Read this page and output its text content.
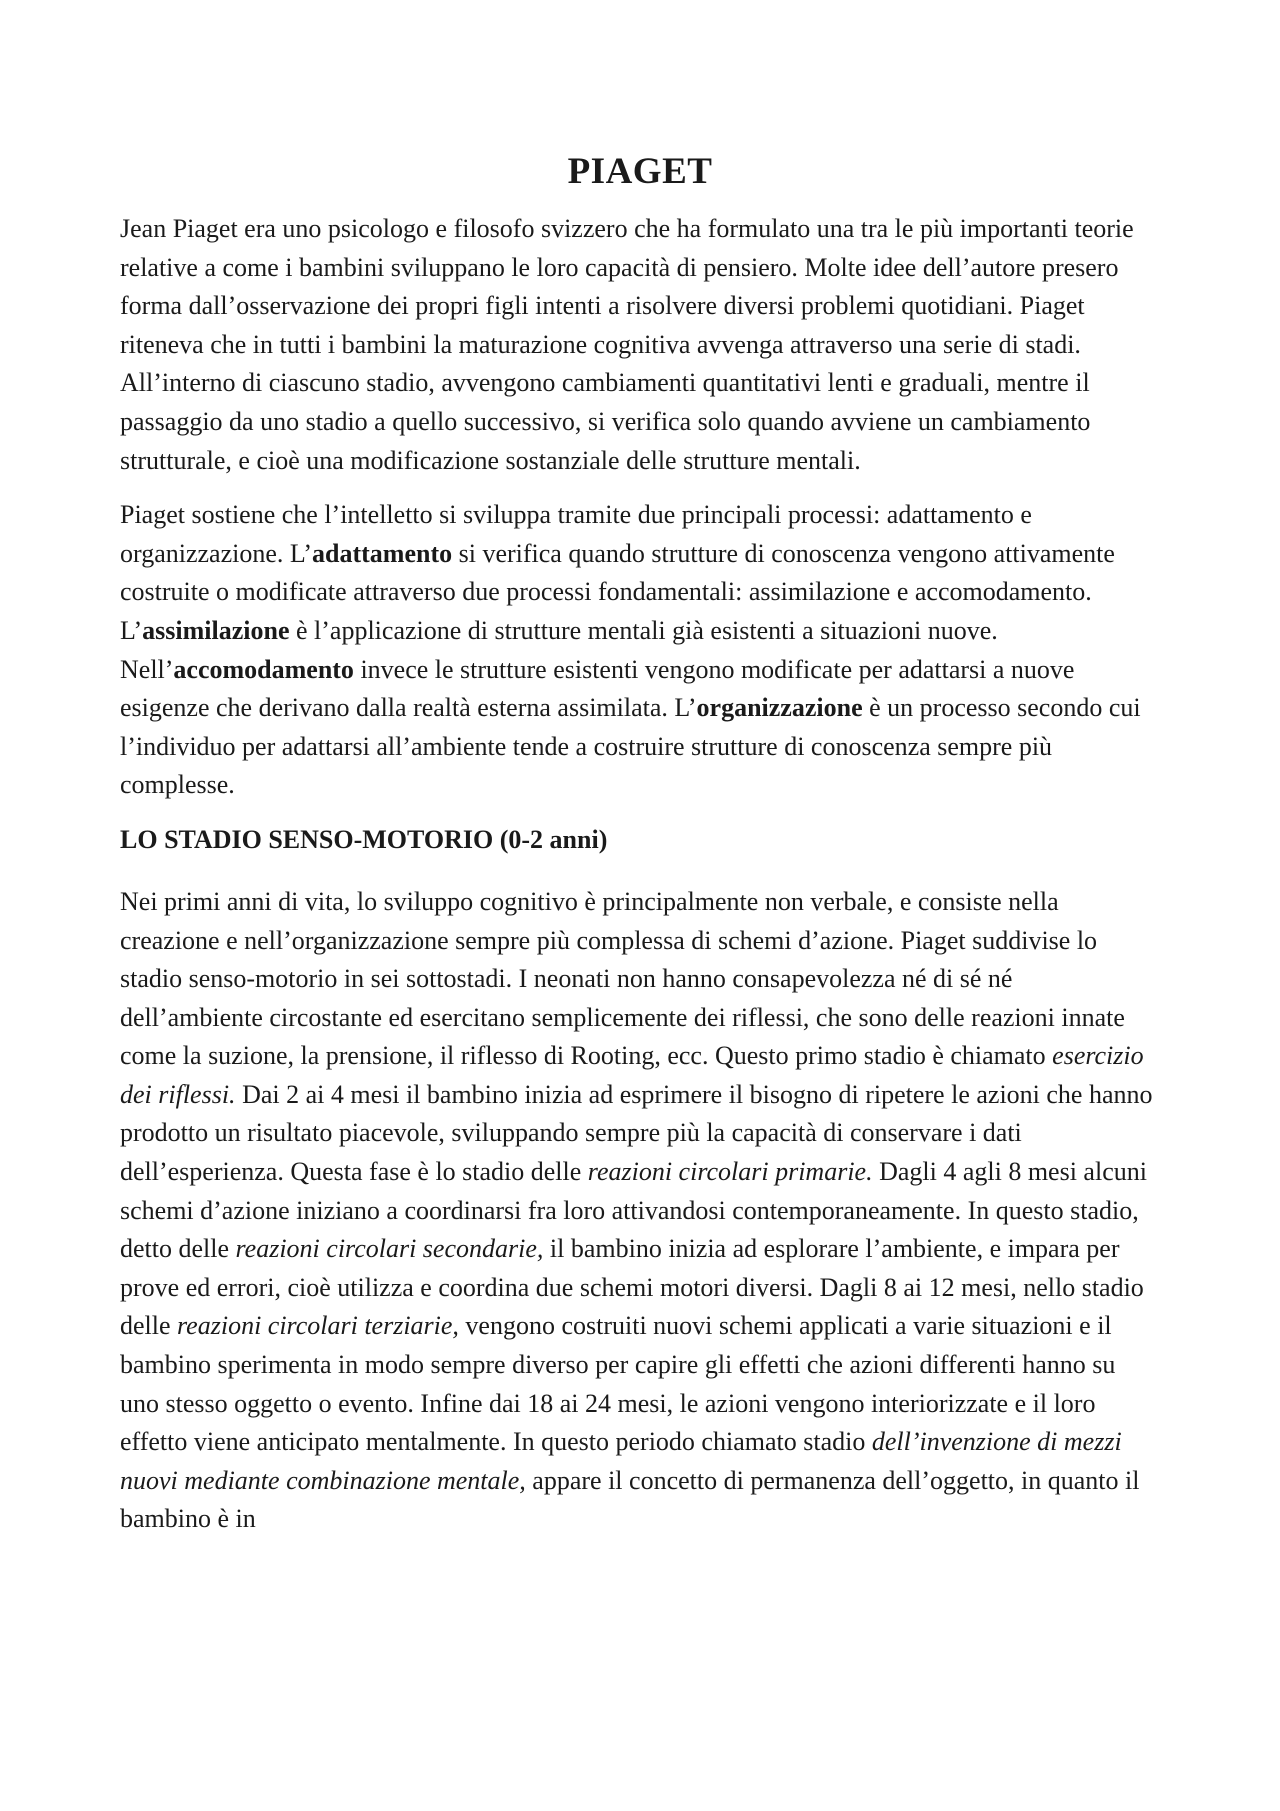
PIAGET

Jean Piaget era uno psicologo e filosofo svizzero che ha formulato una tra le più importanti teorie relative a come i bambini sviluppano le loro capacità di pensiero. Molte idee dell’autore presero forma dall’osservazione dei propri figli intenti a risolvere diversi problemi quotidiani. Piaget riteneva che in tutti i bambini la maturazione cognitiva avvenga attraverso una serie di stadi. All’interno di ciascuno stadio, avvengono cambiamenti quantitativi lenti e graduali, mentre il passaggio da uno stadio a quello successivo, si verifica solo quando avviene un cambiamento strutturale, e cioè una modificazione sostanziale delle strutture mentali.

Piaget sostiene che l’intelletto si sviluppa tramite due principali processi: adattamento e organizzazione. L’adattamento si verifica quando strutture di conoscenza vengono attivamente costruite o modificate attraverso due processi fondamentali: assimilazione e accomodamento. L’assimilazione è l’applicazione di strutture mentali già esistenti a situazioni nuove. Nell’accomodamento invece le strutture esistenti vengono modificate per adattarsi a nuove esigenze che derivano dalla realtà esterna assimilata. L’organizzazione è un processo secondo cui l’individuo per adattarsi all’ambiente tende a costruire strutture di conoscenza sempre più complesse.

LO STADIO SENSO-MOTORIO (0-2 anni)

Nei primi anni di vita, lo sviluppo cognitivo è principalmente non verbale, e consiste nella creazione e nell’organizzazione sempre più complessa di schemi d’azione. Piaget suddivise lo stadio senso-motorio in sei sottostadi. I neonati non hanno consapevolezza né di sé né dell’ambiente circostante ed esercitano semplicemente dei riflessi, che sono delle reazioni innate come la suzione, la prensione, il riflesso di Rooting, ecc. Questo primo stadio è chiamato esercizio dei riflessi. Dai 2 ai 4 mesi il bambino inizia ad esprimere il bisogno di ripetere le azioni che hanno prodotto un risultato piacevole, sviluppando sempre più la capacità di conservare i dati dell’esperienza. Questa fase è lo stadio delle reazioni circolari primarie. Dagli 4 agli 8 mesi alcuni schemi d’azione iniziano a coordinarsi fra loro attivandosi contemporaneamente. In questo stadio, detto delle reazioni circolari secondarie, il bambino inizia ad esplorare l’ambiente, e impara per prove ed errori, cioè utilizza e coordina due schemi motori diversi. Dagli 8 ai 12 mesi, nello stadio delle reazioni circolari terziarie, vengono costruiti nuovi schemi applicati a varie situazioni e il bambino sperimenta in modo sempre diverso per capire gli effetti che azioni differenti hanno su uno stesso oggetto o evento. Infine dai 18 ai 24 mesi, le azioni vengono interiorizzate e il loro effetto viene anticipato mentalmente. In questo periodo chiamato stadio dell’invenzione di mezzi nuovi mediante combinazione mentale, appare il concetto di permanenza dell’oggetto, in quanto il bambino è in
